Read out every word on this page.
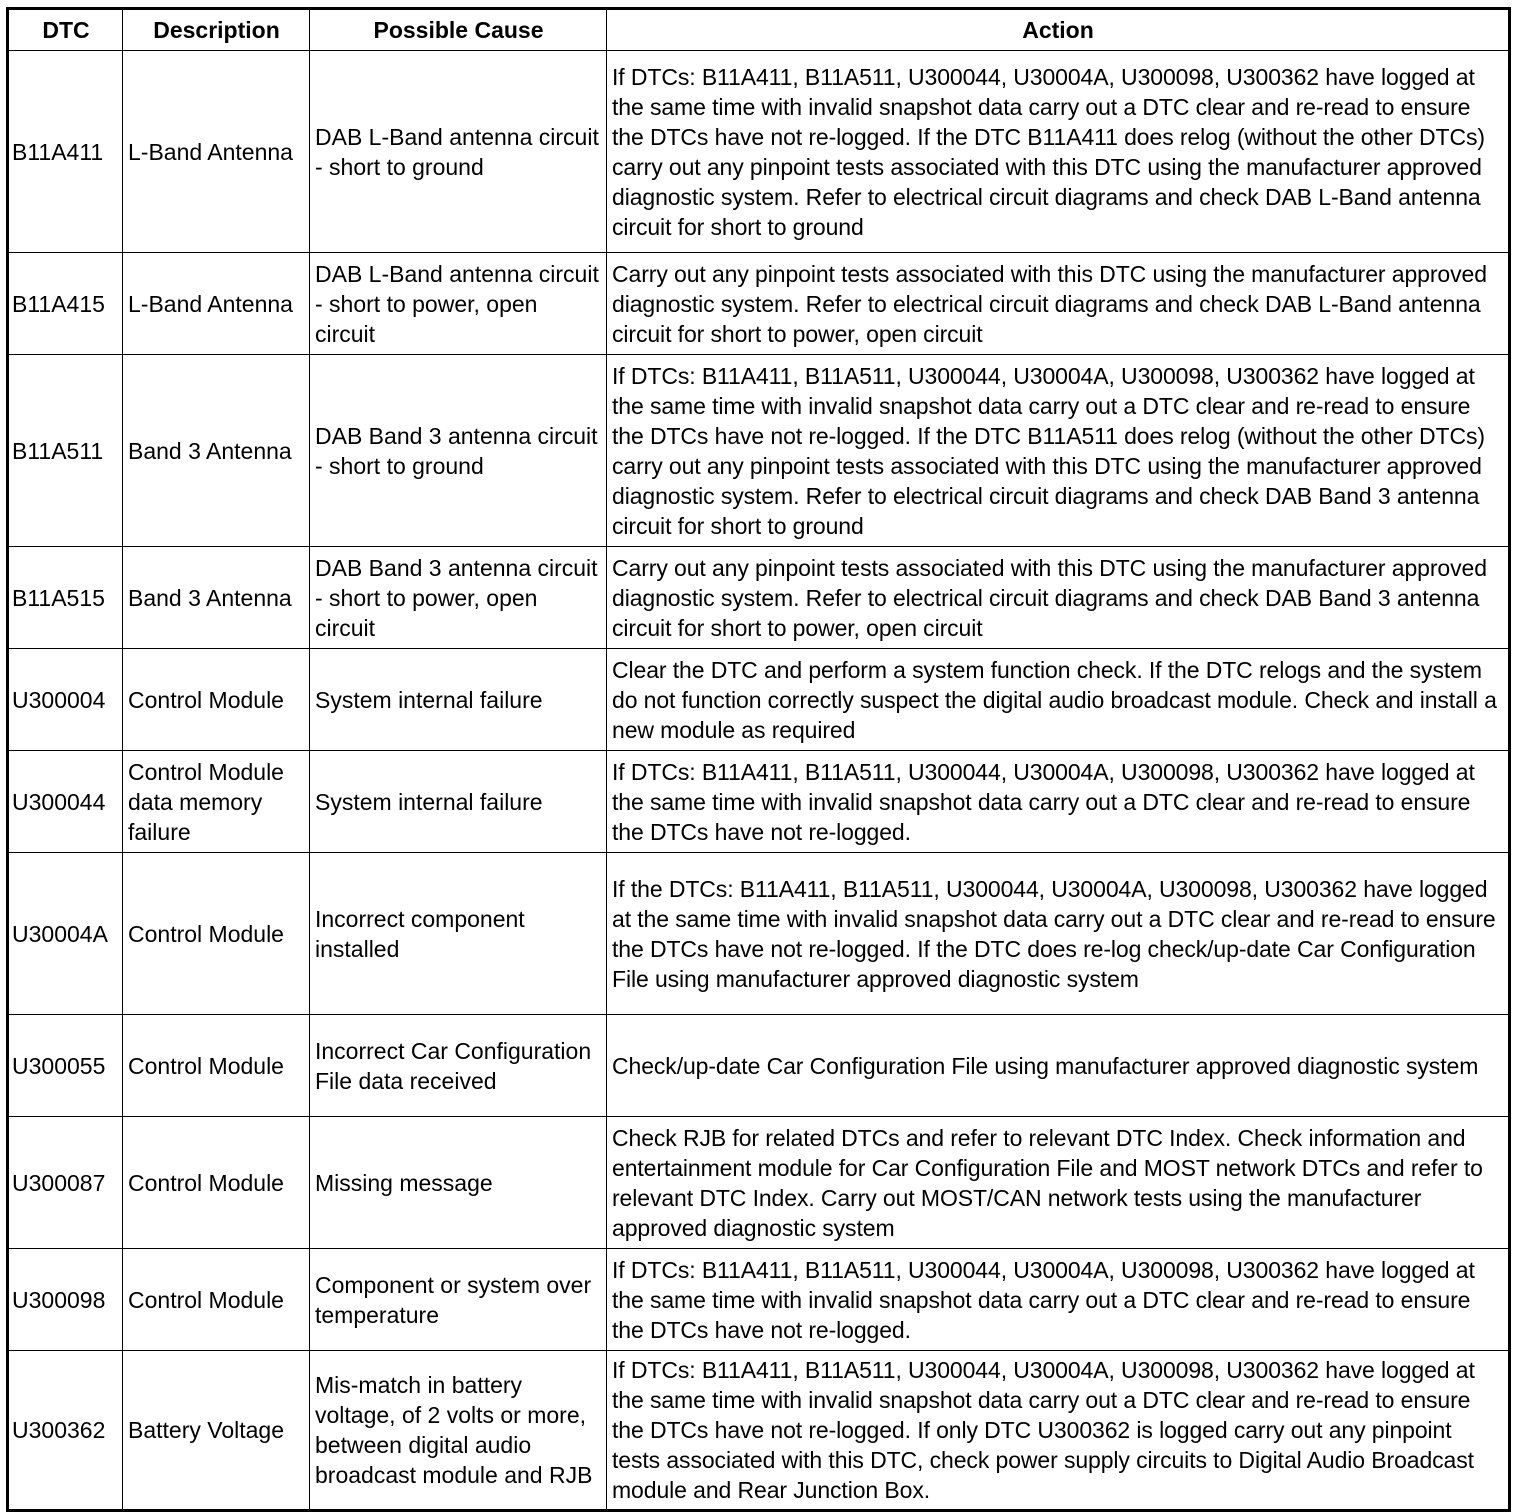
DTC	Description	Possible Cause	Action
B11A411	L-Band Antenna	DAB L-Band antenna circuit - short to ground	If DTCs: B11A411, B11A511, U300044, U30004A, U300098, U300362 have logged at the same time with invalid snapshot data carry out a DTC clear and re-read to ensure the DTCs have not re-logged. If the DTC B11A411 does relog (without the other DTCs) carry out any pinpoint tests associated with this DTC using the manufacturer approved diagnostic system. Refer to electrical circuit diagrams and check DAB L-Band antenna circuit for short to ground
B11A415	L-Band Antenna	DAB L-Band antenna circuit - short to power, open circuit	Carry out any pinpoint tests associated with this DTC using the manufacturer approved diagnostic system. Refer to electrical circuit diagrams and check DAB L-Band antenna circuit for short to power, open circuit
B11A511	Band 3 Antenna	DAB Band 3 antenna circuit - short to ground	If DTCs: B11A411, B11A511, U300044, U30004A, U300098, U300362 have logged at the same time with invalid snapshot data carry out a DTC clear and re-read to ensure the DTCs have not re-logged. If the DTC B11A511 does relog (without the other DTCs) carry out any pinpoint tests associated with this DTC using the manufacturer approved diagnostic system. Refer to electrical circuit diagrams and check DAB Band 3 antenna circuit for short to ground
B11A515	Band 3 Antenna	DAB Band 3 antenna circuit - short to power, open circuit	Carry out any pinpoint tests associated with this DTC using the manufacturer approved diagnostic system. Refer to electrical circuit diagrams and check DAB Band 3 antenna circuit for short to power, open circuit
U300004	Control Module	System internal failure	Clear the DTC and perform a system function check. If the DTC relogs and the system do not function correctly suspect the digital audio broadcast module. Check and install a new module as required
U300044	Control Module data memory failure	System internal failure	If DTCs: B11A411, B11A511, U300044, U30004A, U300098, U300362 have logged at the same time with invalid snapshot data carry out a DTC clear and re-read to ensure the DTCs have not re-logged.
U30004A	Control Module	Incorrect component installed	If the DTCs: B11A411, B11A511, U300044, U30004A, U300098, U300362 have logged at the same time with invalid snapshot data carry out a DTC clear and re-read to ensure the DTCs have not re-logged. If the DTC does re-log check/up-date Car Configuration File using manufacturer approved diagnostic system
U300055	Control Module	Incorrect Car Configuration File data received	Check/up-date Car Configuration File using manufacturer approved diagnostic system
U300087	Control Module	Missing message	Check RJB for related DTCs and refer to relevant DTC Index. Check information and entertainment module for Car Configuration File and MOST network DTCs and refer to relevant DTC Index. Carry out MOST/CAN network tests using the manufacturer approved diagnostic system
U300098	Control Module	Component or system over temperature	If DTCs: B11A411, B11A511, U300044, U30004A, U300098, U300362 have logged at the same time with invalid snapshot data carry out a DTC clear and re-read to ensure the DTCs have not re-logged.
U300362	Battery Voltage	Mis-match in battery voltage, of 2 volts or more, between digital audio broadcast module and RJB	If DTCs: B11A411, B11A511, U300044, U30004A, U300098, U300362 have logged at the same time with invalid snapshot data carry out a DTC clear and re-read to ensure the DTCs have not re-logged. If only DTC U300362 is logged carry out any pinpoint tests associated with this DTC, check power supply circuits to Digital Audio Broadcast module and Rear Junction Box.
